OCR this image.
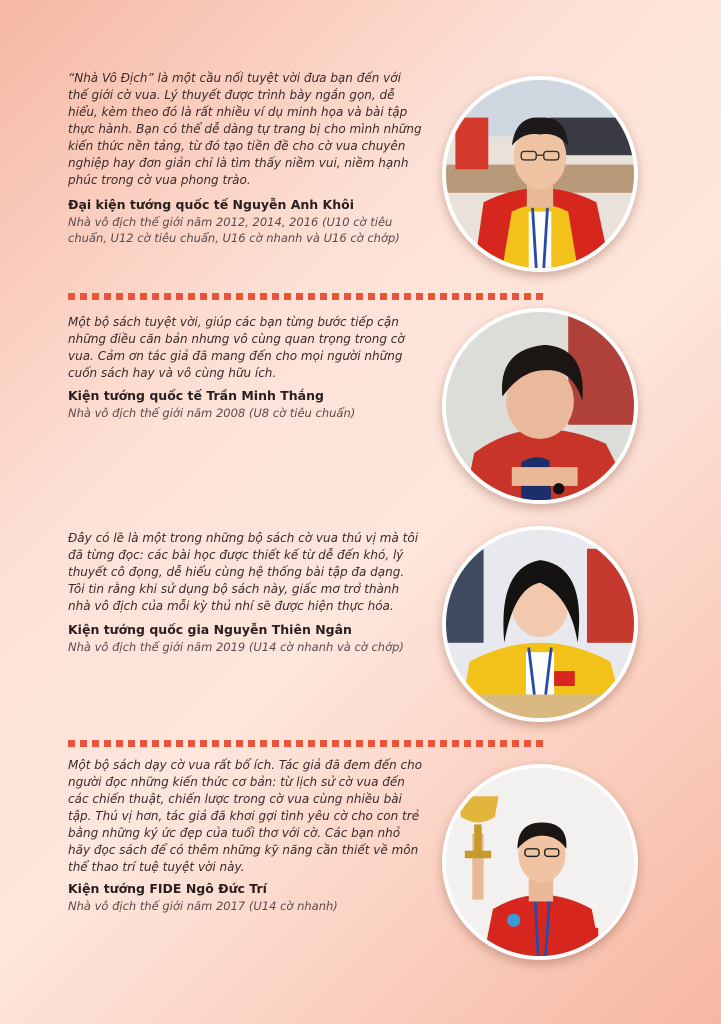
“Nhà Vô Địch” là một cầu nối tuyệt vời đưa bạn đến với thế giới cờ vua. Lý thuyết được trình bày ngắn gọn, dễ hiểu, kèm theo đó là rất nhiều ví dụ minh họa và bài tập thực hành. Bạn có thể dễ dàng tự trang bị cho mình những kiến thức nền tảng, từ đó tạo tiền đề cho cờ vua chuyên nghiệp hay đơn giản chỉ là tìm thấy niềm vui, niềm hạnh phúc trong cờ vua phong trào.

Đại kiện tướng quốc tế Nguyễn Anh Khôi

Nhà vô địch thế giới năm 2012, 2014, 2016 (U10 cờ tiêu chuẩn, U12 cờ tiêu chuẩn, U16 cờ nhanh và U16 cờ chớp)

Một bộ sách tuyệt vời, giúp các bạn từng bước tiếp cận những điều căn bản nhưng vô cùng quan trọng trong cờ vua. Cảm ơn tác giả đã mang đến cho mọi người những cuốn sách hay và vô cùng hữu ích.

Kiện tướng quốc tế Trần Minh Thắng

Nhà vô địch thế giới năm 2008 (U8 cờ tiêu chuẩn)

Đây có lẽ là một trong những bộ sách cờ vua thú vị mà tôi đã từng đọc: các bài học được thiết kế từ dễ đến khó, lý thuyết cô đọng, dễ hiểu cùng hệ thống bài tập đa dạng. Tôi tin rằng khi sử dụng bộ sách này, giấc mơ trở thành nhà vô địch của mỗi kỳ thủ nhí sẽ được hiện thực hóa.

Kiện tướng quốc gia Nguyễn Thiên Ngân

Nhà vô địch thế giới năm 2019 (U14 cờ nhanh và cờ chớp)

Một bộ sách dạy cờ vua rất bổ ích. Tác giả đã đem đến cho người đọc những kiến thức cơ bản: từ lịch sử cờ vua đến các chiến thuật, chiến lược trong cờ vua cùng nhiều bài tập. Thú vị hơn, tác giả đã khơi gợi tình yêu cờ cho con trẻ bằng những ký ức đẹp của tuổi thơ với cờ. Các bạn nhỏ hãy đọc sách để có thêm những kỹ năng cần thiết về môn thể thao trí tuệ tuyệt vời này.

Kiện tướng FIDE Ngô Đức Trí

Nhà vô địch thế giới năm 2017 (U14 cờ nhanh)
